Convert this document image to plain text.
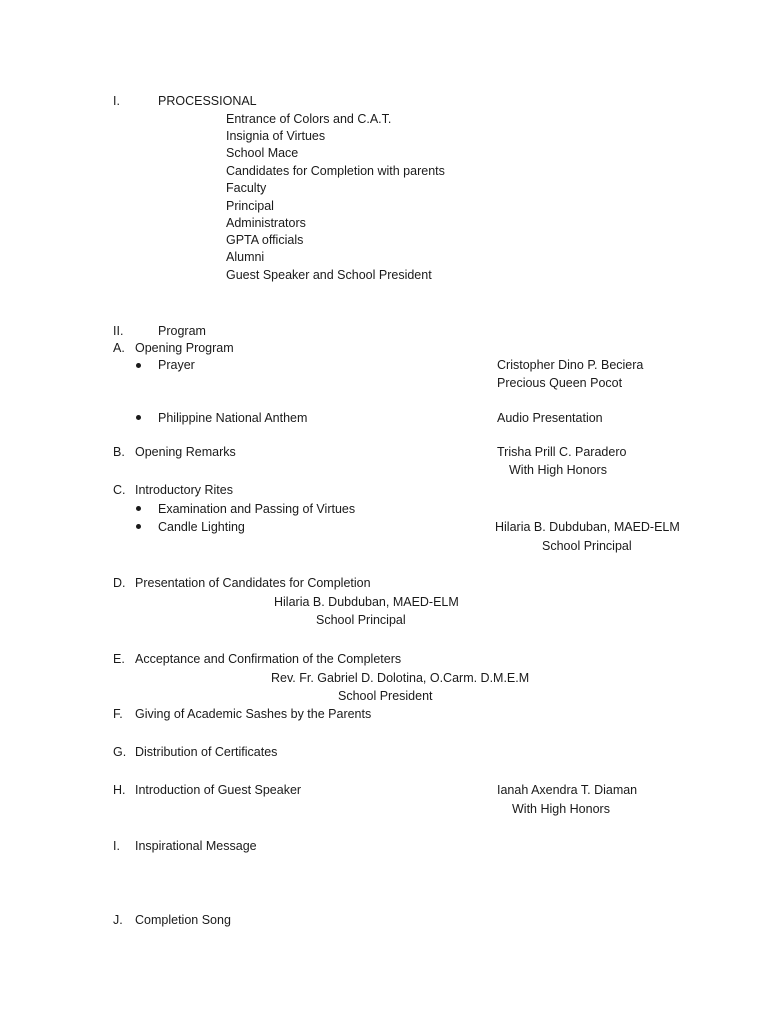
I.	PROCESSIONAL
Entrance of Colors and C.A.T.
Insignia of Virtues
School Mace
Candidates for Completion with parents
Faculty
Principal
Administrators
GPTA officials
Alumni
Guest Speaker and School President
II.	Program
A. Opening Program
Prayer	Cristopher Dino P. Beciera
Precious Queen Pocot
Philippine National Anthem	Audio Presentation
B. Opening Remarks	Trisha Prill C. Paradero
With High Honors
C. Introductory Rites
Examination and Passing of Virtues
Candle Lighting	Hilaria B. Dubduban, MAED-ELM
School Principal
D. Presentation of Candidates for Completion
Hilaria B. Dubduban, MAED-ELM
School Principal
E. Acceptance and Confirmation of the Completers
Rev. Fr. Gabriel D. Dolotina, O.Carm. D.M.E.M
School President
F. Giving of Academic Sashes by the Parents
G. Distribution of Certificates
H. Introduction of Guest Speaker	Ianah Axendra T. Diaman
With High Honors
I. Inspirational Message
J. Completion Song
